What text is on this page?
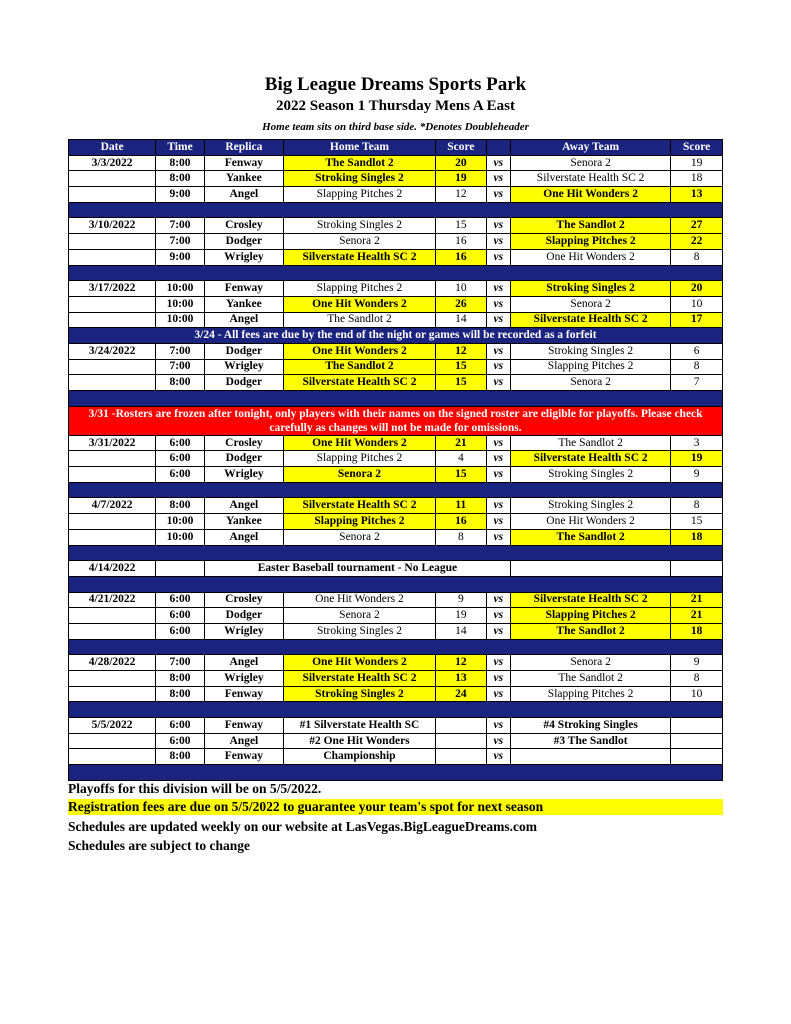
Big League Dreams Sports Park
2022 Season 1 Thursday Mens A East
Home team sits on third base side. *Denotes Doubleheader
Date	Time	Replica	Home Team	Score		Away Team	Score
3/3/2022	8:00	Fenway	The Sandlot 2	20	vs	Senora 2	19
	8:00	Yankee	Stroking Singles 2	19	vs	Silverstate Health SC 2	18
	9:00	Angel	Slapping Pitches 2	12	vs	One Hit Wonders 2	13

3/10/2022	7:00	Crosley	Stroking Singles 2	15	vs	The Sandlot 2	27
	7:00	Dodger	Senora 2	16	vs	Slapping Pitches 2	22
	9:00	Wrigley	Silverstate Health SC 2	16	vs	One Hit Wonders 2	8

3/17/2022	10:00	Fenway	Slapping Pitches 2	10	vs	Stroking Singles 2	20
	10:00	Yankee	One Hit Wonders 2	26	vs	Senora 2	10
	10:00	Angel	The Sandlot 2	14	vs	Silverstate Health SC 2	17
3/24 - All fees are due by the end of the night or games will be recorded as a forfeit							
3/24/2022	7:00	Dodger	One Hit Wonders 2	12	vs	Stroking Singles 2	6
	7:00	Wrigley	The Sandlot 2	15	vs	Slapping Pitches 2	8
	8:00	Dodger	Silverstate Health SC 2	15	vs	Senora 2	7

3/31 -Rosters are frozen after tonight, only players with their names on the signed roster are eligible for playoffs. Please check carefully as changes will not be made for omissions.							
3/31/2022	6:00	Crosley	One Hit Wonders 2	21	vs	The Sandlot 2	3
	6:00	Dodger	Slapping Pitches 2	4	vs	Silverstate Health SC 2	19
	6:00	Wrigley	Senora 2	15	vs	Stroking Singles 2	9

4/7/2022	8:00	Angel	Silverstate Health SC 2	11	vs	Stroking Singles 2	8
	10:00	Yankee	Slapping Pitches 2	16	vs	One Hit Wonders 2	15
	10:00	Angel	Senora 2	8	vs	The Sandlot 2	18

4/14/2022		Easter Baseball tournament - No League					

4/21/2022	6:00	Crosley	One Hit Wonders 2	9	vs	Silverstate Health SC 2	21
	6:00	Dodger	Senora 2	19	vs	Slapping Pitches 2	21
	6:00	Wrigley	Stroking Singles 2	14	vs	The Sandlot 2	18

4/28/2022	7:00	Angel	One Hit Wonders 2	12	vs	Senora 2	9
	8:00	Wrigley	Silverstate Health SC 2	13	vs	The Sandlot 2	8
	8:00	Fenway	Stroking Singles 2	24	vs	Slapping Pitches 2	10

5/5/2022	6:00	Fenway	#1 Silverstate Health SC		vs	#4 Stroking Singles	
	6:00	Angel	#2 One Hit Wonders		vs	#3 The Sandlot	
	8:00	Fenway	Championship		vs		

Playoffs for this division will be on 5/5/2022.
Registration fees are due on 5/5/2022 to guarantee your team's spot for next season
Schedules are updated weekly on our website at LasVegas.BigLeagueDreams.com
Schedules are subject to change
